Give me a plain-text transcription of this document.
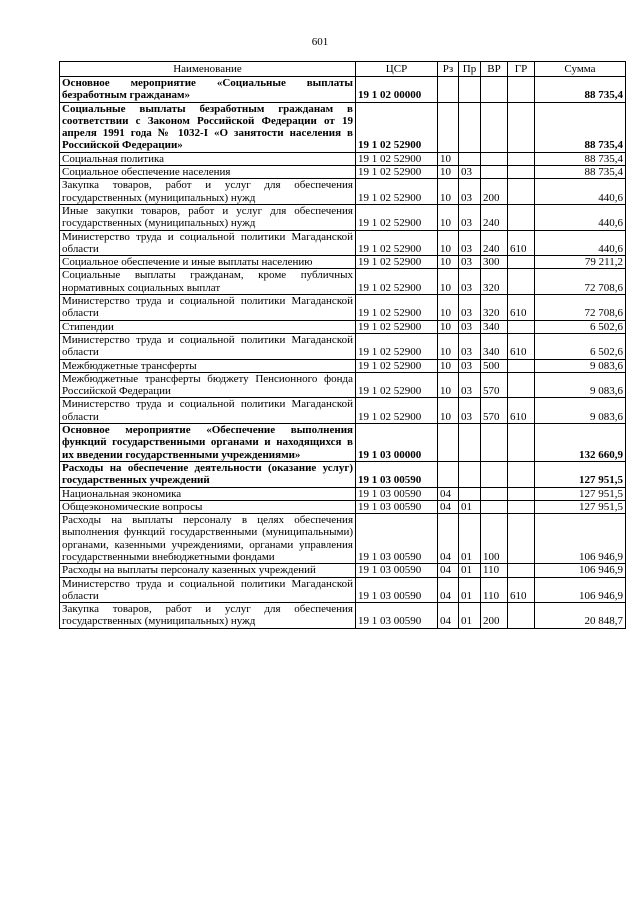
601
Наименование	ЦСР	Рз	Пр	ВР	ГР	Сумма
Основное мероприятие «Социальные выплаты безработным гражданам»	19 1 02 00000					88 735,4
Социальные выплаты безработным гражданам в соответствии с Законом Российской Федерации от 19 апреля 1991 года № 1032-I «О занятости населения в Российской Федерации»	19 1 02 52900					88 735,4
Социальная политика	19 1 02 52900	10				88 735,4
Социальное обеспечение населения	19 1 02 52900	10	03			88 735,4
Закупка товаров, работ и услуг для обеспечения государственных (муниципальных) нужд	19 1 02 52900	10	03	200		440,6
Иные закупки товаров, работ и услуг для обеспечения государственных (муниципальных) нужд	19 1 02 52900	10	03	240		440,6
Министерство труда и социальной политики Магаданской области	19 1 02 52900	10	03	240	610	440,6
Социальное обеспечение и иные выплаты населению	19 1 02 52900	10	03	300		79 211,2
Социальные выплаты гражданам, кроме публичных нормативных социальных выплат	19 1 02 52900	10	03	320		72 708,6
Министерство труда и социальной политики Магаданской области	19 1 02 52900	10	03	320	610	72 708,6
Стипендии	19 1 02 52900	10	03	340		6 502,6
Министерство труда и социальной политики Магаданской области	19 1 02 52900	10	03	340	610	6 502,6
Межбюджетные трансферты	19 1 02 52900	10	03	500		9 083,6
Межбюджетные трансферты бюджету Пенсионного фонда Российской Федерации	19 1 02 52900	10	03	570		9 083,6
Министерство труда и социальной политики Магаданской области	19 1 02 52900	10	03	570	610	9 083,6
Основное мероприятие «Обеспечение выполнения функций государственными органами и находящихся в их введении государственными учреждениями»	19 1 03 00000					132 660,9
Расходы на обеспечение деятельности (оказание услуг) государственных учреждений	19 1 03 00590					127 951,5
Национальная экономика	19 1 03 00590	04				127 951,5
Общеэкономические вопросы	19 1 03 00590	04	01			127 951,5
Расходы на выплаты персоналу в целях обеспечения выполнения функций государственными (муниципальными) органами, казенными учреждениями, органами управления государственными внебюджетными фондами	19 1 03 00590	04	01	100		106 946,9
Расходы на выплаты персоналу казенных учреждений	19 1 03 00590	04	01	110		106 946,9
Министерство труда и социальной политики Магаданской области	19 1 03 00590	04	01	110	610	106 946,9
Закупка товаров, работ и услуг для обеспечения государственных (муниципальных) нужд	19 1 03 00590	04	01	200		20 848,7
